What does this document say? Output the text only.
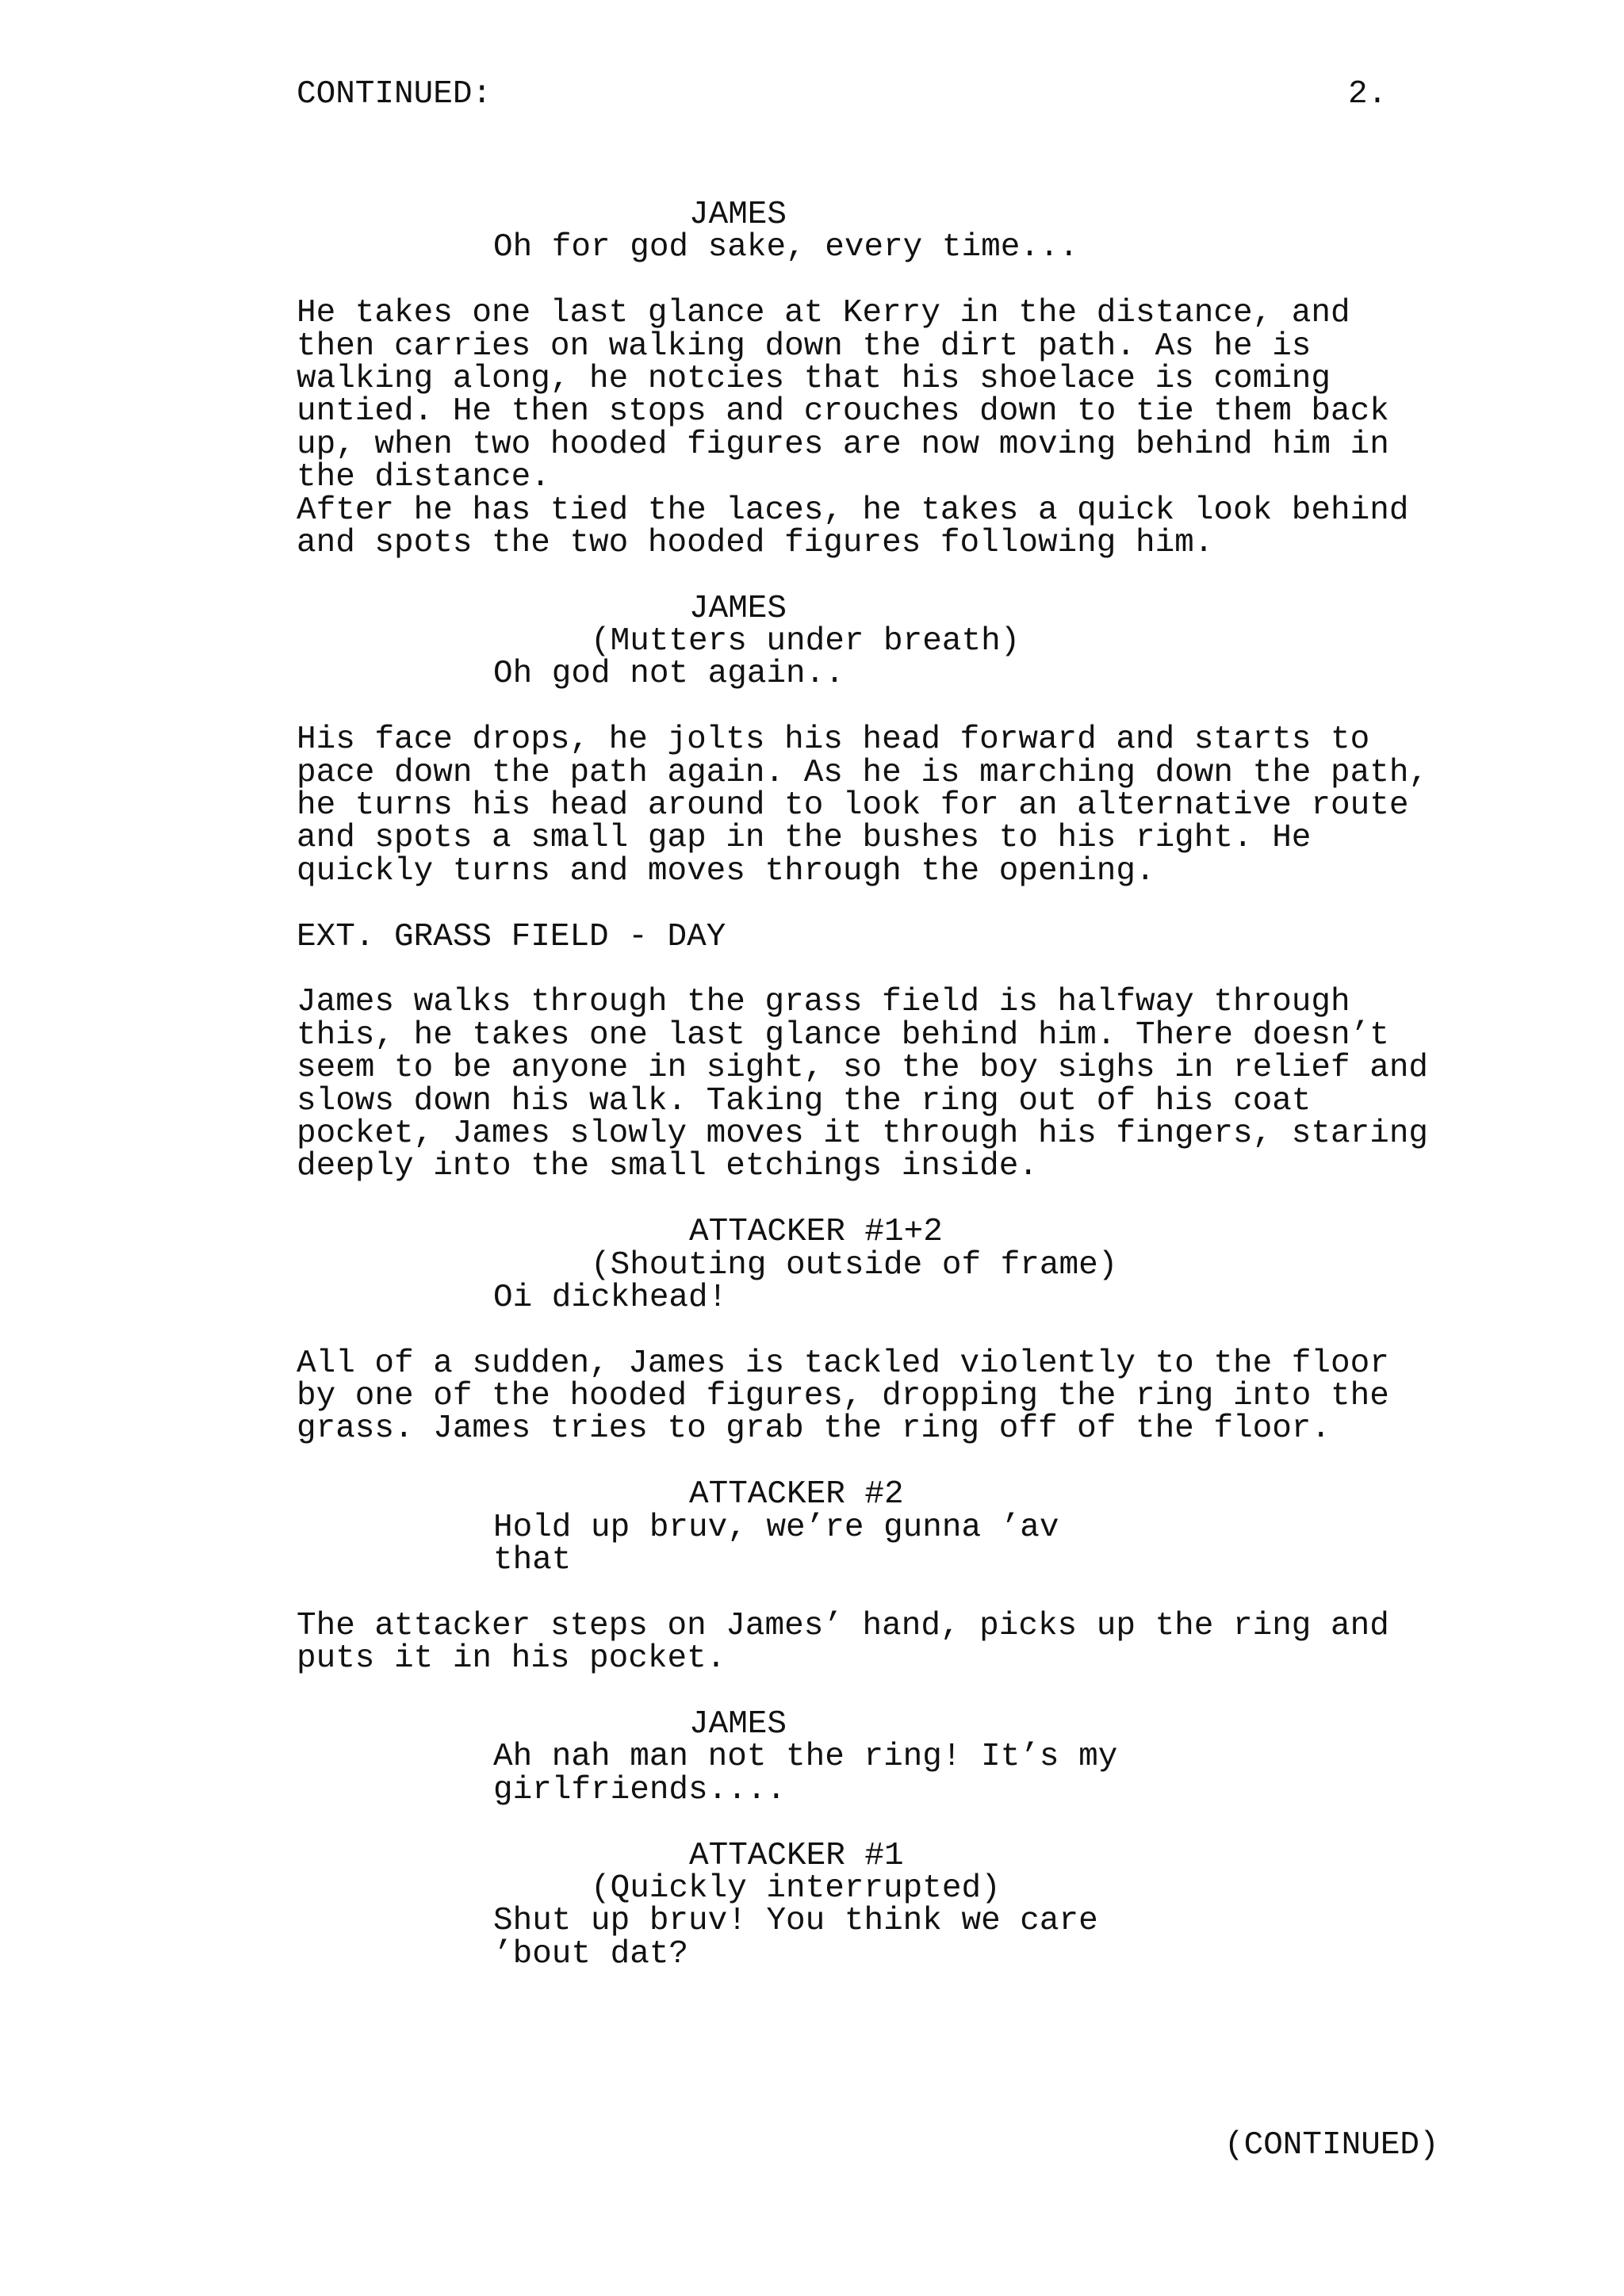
CONTINUED:	2.
JAMES
Oh for god sake, every time...
He takes one last glance at Kerry in the distance, and
then carries on walking down the dirt path. As he is
walking along, he notcies that his shoelace is coming
untied. He then stops and crouches down to tie them back
up, when two hooded figures are now moving behind him in
the distance.
After he has tied the laces, he takes a quick look behind
and spots the two hooded figures following him.
JAMES
(Mutters under breath)
Oh god not again..
His face drops, he jolts his head forward and starts to
pace down the path again. As he is marching down the path,
he turns his head around to look for an alternative route
and spots a small gap in the bushes to his right. He
quickly turns and moves through the opening.
EXT. GRASS FIELD - DAY
James walks through the grass field is halfway through
this, he takes one last glance behind him. There doesn’t
seem to be anyone in sight, so the boy sighs in relief and
slows down his walk. Taking the ring out of his coat
pocket, James slowly moves it through his fingers, staring
deeply into the small etchings inside.
ATTACKER #1+2
(Shouting outside of frame)
Oi dickhead!
All of a sudden, James is tackled violently to the floor
by one of the hooded figures, dropping the ring into the
grass. James tries to grab the ring off of the floor.
ATTACKER #2
Hold up bruv, we’re gunna ’av
that
The attacker steps on James’ hand, picks up the ring and
puts it in his pocket.
JAMES
Ah nah man not the ring! It’s my
girlfriends....
ATTACKER #1
(Quickly interrupted)
Shut up bruv! You think we care
’bout dat?
(CONTINUED)
